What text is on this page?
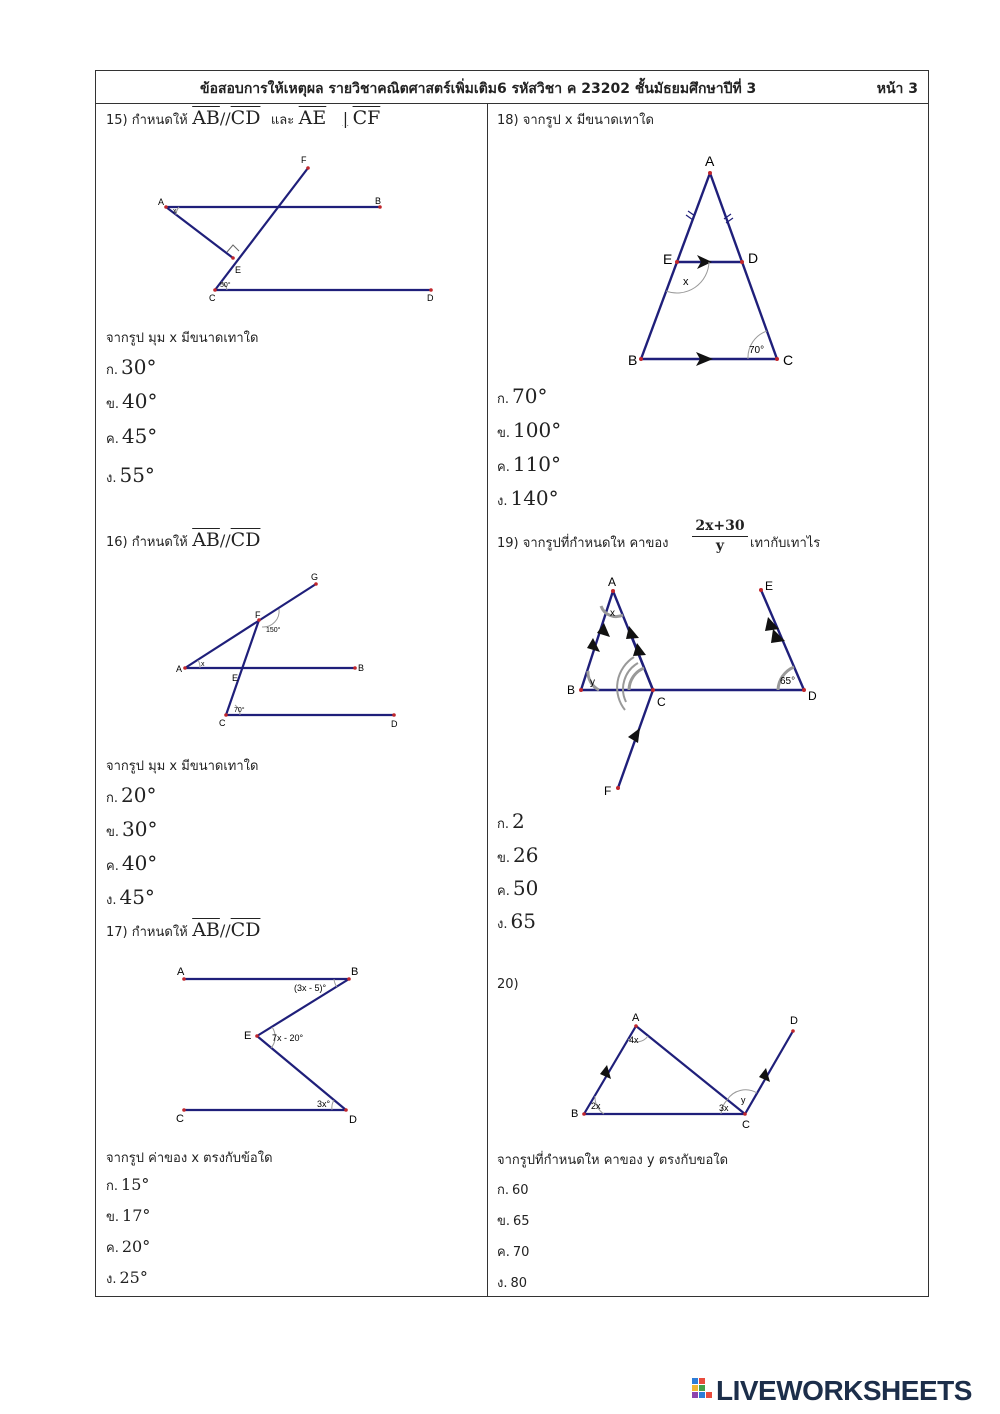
ข้อสอบการให้เหตุผล รายวิชาคณิตศาสตร์เพิ่มเติม6 รหัสวิชา ค 23202 ชั้นมัธยมศึกษาปีที่ 3	หน้า 3
15) กำหนดให้ $\overline{AB}//\overline{CD}$ และ $\overline{AE}$ | $\overline{CF}$
A	B
C	D
E
F
x
50°
จากรูป มุม x มีขนาดเทาใด
ก. 30°
ข. 40°
ค. 45°
ง. 55°
16) กำหนดให้ $\overline{AB}//\overline{CD}$
A	B
C	D
E
F
G
x
150°
70°
จากรูป มุม x มีขนาดเทาใด
ก. 20°
ข. 30°
ค. 40°
ง. 45°
17) กำหนดให้ $\overline{AB}//\overline{CD}$
A	B
C	D
E
(3x - 5)°
7x - 20°
3x°
จากรูป ค่าของ x ตรงกับข้อใด
ก. 15°
ข. 17°
ค. 20°
ง. 25°
18) จากรูป x มีขนาดเทาใด
A
B	C
D
E
x
70°
ก. 70°
ข. 100°
ค. 110°
ง. 140°
19) จากรูปที่กำหนดให คาของ $\frac{2x+30}{y}$ เทากับเทาไร
A
B
C	D
E
F
x
y	65°
ก. 2
ข. 26
ค. 50
ง. 65
20)
A
B
C
D
4x
2x	3x
y
จากรูปที่กำหนดให คาของ y ตรงกับขอใด
ก. 60
ข. 65
ค. 70
ง. 80
LIVEWORKSHEETS
